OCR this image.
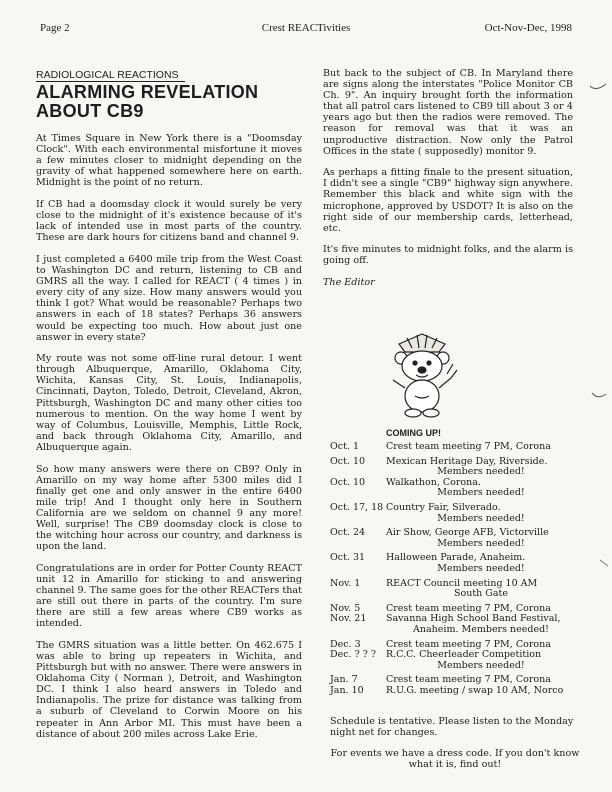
Page 2	Crest REACTivities	Oct-Nov-Dec, 1998
RADIOLOGICAL REACTIONS
ALARMING REVELATION
ABOUT CB9

At Times Square in New York there is a "Doomsday Clock". With each environmental misfortune it moves a few minutes closer to midnight depending on the gravity of what happened somewhere here on earth. Midnight is the point of no return.

If CB had a doomsday clock it would surely be very close to the midnight of it's existence because of it's lack of intended use in most parts of the country. These are dark hours for citizens band and channel 9.

I just completed a 6400 mile trip from the West Coast to Washington DC and return, listening to CB and GMRS all the way. I called for REACT ( 4 times ) in every city of any size. How many answers would you think I got? What would be reasonable? Perhaps two answers in each of 18 states? Perhaps 36 answers would be expecting too much. How about just one answer in every state?

My route was not some off-line rural detour. I went through Albuquerque, Amarillo, Oklahoma City, Wichita, Kansas City, St. Louis, Indianapolis, Cincinnati, Dayton, Toledo, Detroit, Cleveland, Akron, Pittsburgh, Washington DC and many other cities too numerous to mention. On the way home I went by way of Columbus, Louisville, Memphis, Little Rock, and back through Oklahoma City, Amarillo, and Albuquerque again.

So how many answers were there on CB9? Only in Amarillo on my way home after 5300 miles did I finally get one and only answer in the entire 6400 mile trip! And I thought only here in Southern California are we seldom on channel 9 any more! Well, surprise! The CB9 doomsday clock is close to the witching hour across our country, and darkness is upon the land.

Congratulations are in order for Potter County REACT unit 12 in Amarillo for sticking to and answering channel 9. The same goes for the other REACTers that are still out there in parts of the country. I'm sure there are still a few areas where CB9 works as intended.

The GMRS situation was a little better. On 462.675 I was able to bring up repeaters in Wichita, and Pittsburgh but with no answer. There were answers in Oklahoma City ( Norman ), Detroit, and Washington DC. I think I also heard answers in Toledo and Indianapolis. The prize for distance was talking from a suburb of Cleveland to Corwin Moore on his repeater in Ann Arbor MI. This must have been a distance of about 200 miles across Lake Erie.

But back to the subject of CB. In Maryland there are signs along the interstates "Police Monitor CB Ch. 9". An inquiry brought forth the information that all patrol cars listened to CB9 till about 3 or 4 years ago but then the radios were removed. The reason for removal was that it was an unproductive distraction. Now only the Patrol Offices in the state ( supposedly) monitor 9.

As perhaps a fitting finale to the present situation, I didn't see a single "CB9" highway sign anywhere. Remember this black and white sign with the microphone, approved by USDOT? It is also on the right side of our membership cards, letterhead, etc.

It's five minutes to midnight folks, and the alarm is going off.

The Editor

COMING UP!
Oct. 1	Crest team meeting 7 PM, Corona

Oct. 10	Mexican Heritage Day, Riverside.
Members needed!

Oct. 10	Walkathon, Corona.
Members needed!

Oct. 17, 18	Country Fair, Silverado.
Members needed!

Oct. 24	Air Show, George AFB, Victorville
Members needed!

Oct. 31	Halloween Parade, Anaheim.
Members needed!

Nov. 1	REACT Council meeting 10 AM
South Gate

Nov. 5	Crest team meeting 7 PM, Corona
Nov. 21	Savanna High School Band Festival,
Anaheim. Members needed!

Dec. 3	Crest team meeting 7 PM, Corona
Dec. ? ? ?	R.C.C. Cheerleader Competition
Members needed!

Jan. 7	Crest team meeting 7 PM, Corona
Jan. 10	R.U.G. meeting / swap 10 AM, Norco

Schedule is tentative. Please listen to the Monday night net for changes.

For events we have a dress code. If you don't know what it is, find out!
